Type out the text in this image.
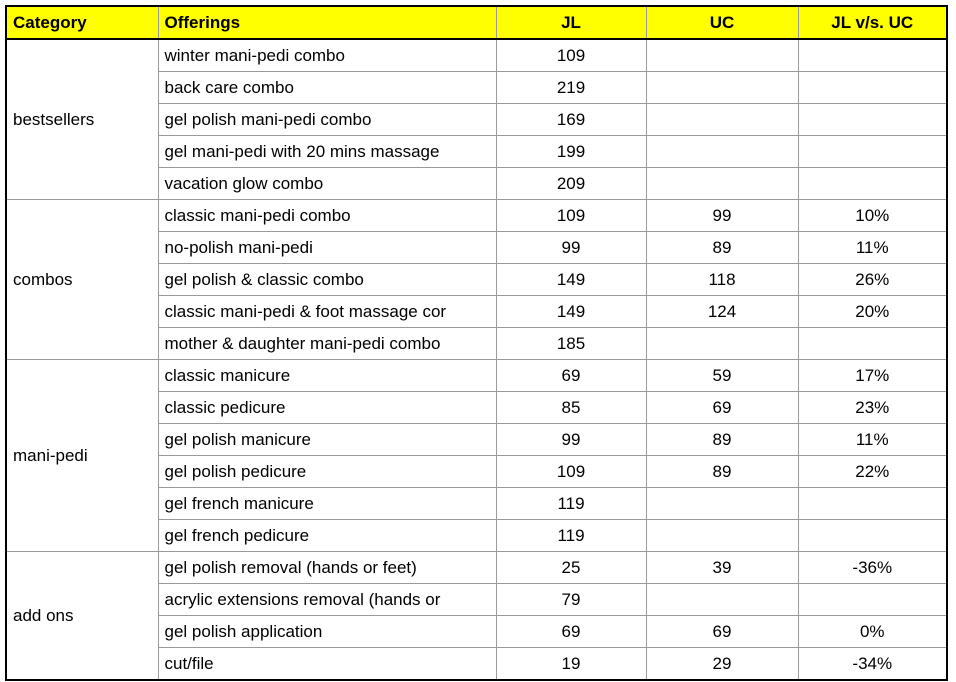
Category	Offerings	JL	UC	JL v/s. UC
bestsellers	winter mani-pedi combo	109		
	back care combo	219		
	gel polish mani-pedi combo	169		
	gel mani-pedi with 20 mins massage	199		
	vacation glow combo	209		
combos	classic mani-pedi combo	109	99	10%
	no-polish mani-pedi	99	89	11%
	gel polish & classic combo	149	118	26%
	classic mani-pedi & foot massage cor	149	124	20%
	mother & daughter mani-pedi combo	185		
mani-pedi	classic manicure	69	59	17%
	classic pedicure	85	69	23%
	gel polish manicure	99	89	11%
	gel polish pedicure	109	89	22%
	gel french manicure	119		
	gel french pedicure	119		
add ons	gel polish removal (hands or feet)	25	39	-36%
	acrylic extensions removal (hands or	79		
	gel polish application	69	69	0%
	cut/file	19	29	-34%
